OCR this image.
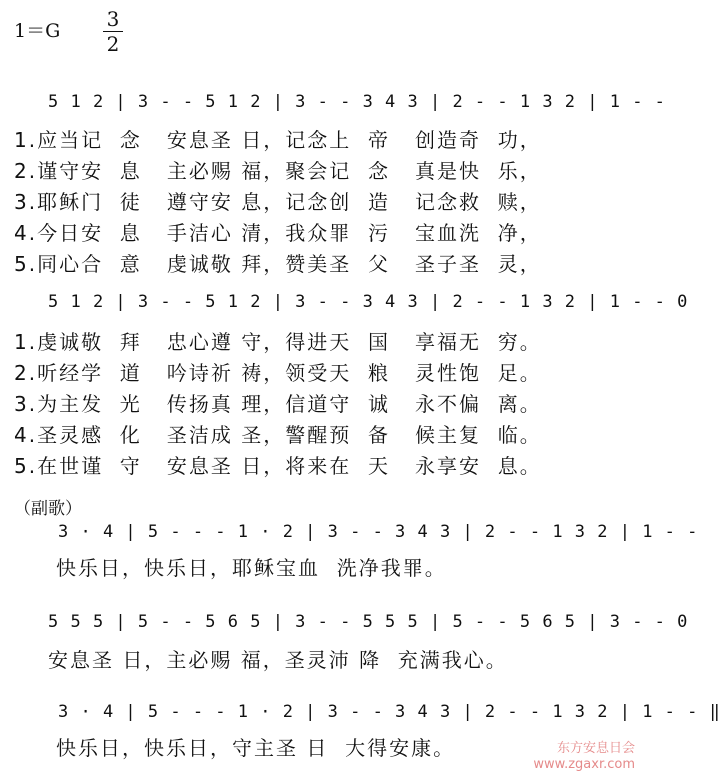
1＝G 3
2
5 1 2 | 3 - - 5 1 2 | 3 - - 3 4 3 | 2 - - 1 3 2 | 1 - -
1.应当记  念   安息圣 日，记念上  帝   创造奇  功，
2.谨守安  息   主必赐 福，聚会记  念   真是快  乐，
3.耶稣门  徒   遵守安 息，记念创  造   记念救  赎，
4.今日安  息   手洁心 清，我众罪  污   宝血洗  净，
5.同心合  意   虔诚敬 拜，赞美圣  父   圣子圣  灵，
5 1 2 | 3 - - 5 1 2 | 3 - - 3 4 3 | 2 - - 1 3 2 | 1 - - 0
1.虔诚敬  拜   忠心遵 守，得进天  国   享福无  穷。
2.听经学  道   吟诗祈 祷，领受天  粮   灵性饱  足。
3.为主发  光   传扬真 理，信道守  诚   永不偏  离。
4.圣灵感  化   圣洁成 圣，警醒预  备   候主复  临。
5.在世谨  守   安息圣 日，将来在  天   永享安  息。
（副歌）
3 · 4 | 5 - - - 1 · 2 | 3 - - 3 4 3 | 2 - - 1 3 2 | 1 - -
快乐日，快乐日，耶稣宝血  洗净我罪。
5 5 5 | 5 - - 5 6 5 | 3 - - 5 5 5 | 5 - - 5 6 5 | 3 - - 0
安息圣 日，主必赐 福，圣灵沛 降  充满我心。
3 · 4 | 5 - - - 1 · 2 | 3 - - 3 4 3 | 2 - - 1 3 2 | 1 - - ‖
快乐日，快乐日，守主圣 日  大得安康。	东方安息日会
www.zgaxr.com
